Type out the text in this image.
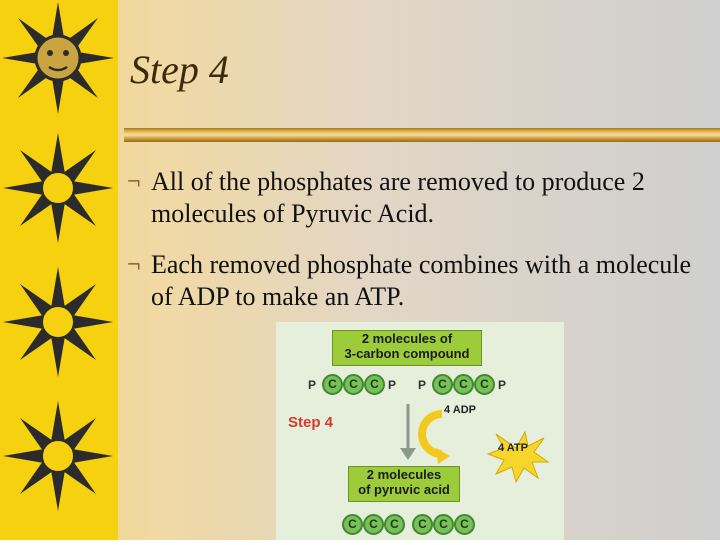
Step 4
¬ All of the phosphates are removed to produce 2 molecules of Pyruvic Acid.
¬ Each removed phosphate combines with a molecule of ADP to make an ATP.
2 molecules of
3-carbon compound
P	C	C	C P P	C	C	C P
Step 4
4 ADP
4 ATP
2 molecules
of pyruvic acid
C	C	C	C	C	C
